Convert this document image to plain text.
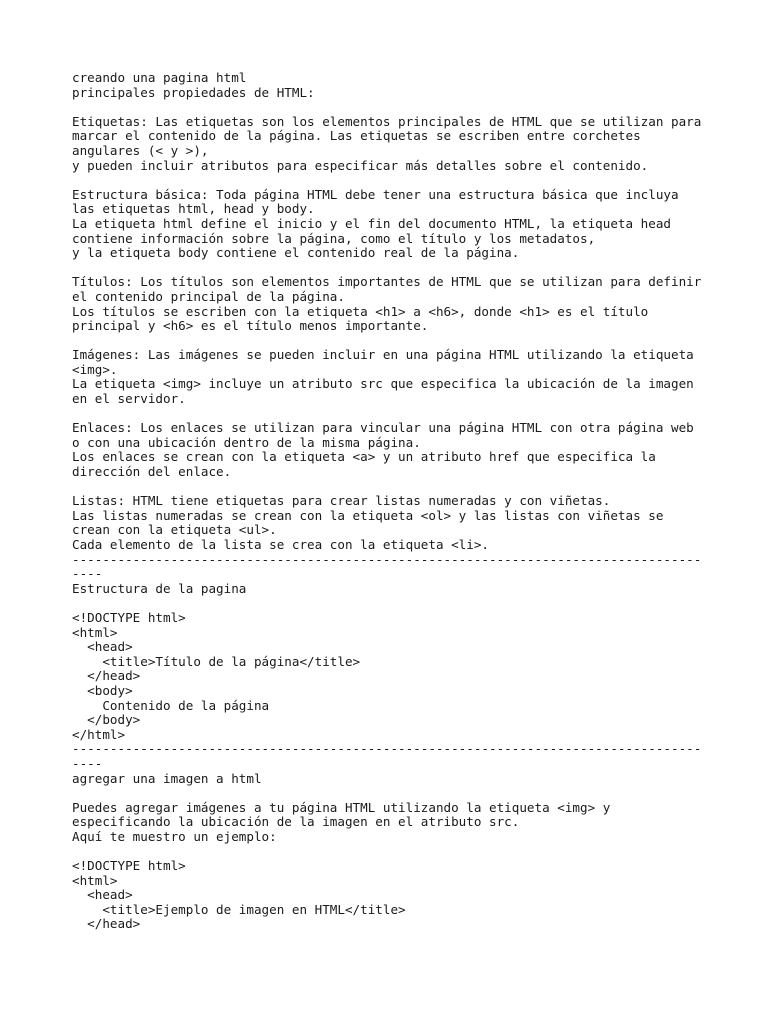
creando una pagina html
principales propiedades de HTML:
Etiquetas: Las etiquetas son los elementos principales de HTML que se utilizan para
marcar el contenido de la página. Las etiquetas se escriben entre corchetes
angulares (< y >),
y pueden incluir atributos para especificar más detalles sobre el contenido.
Estructura básica: Toda página HTML debe tener una estructura básica que incluya
las etiquetas html, head y body.
La etiqueta html define el inicio y el fin del documento HTML, la etiqueta head
contiene información sobre la página, como el título y los metadatos,
y la etiqueta body contiene el contenido real de la página.
Títulos: Los títulos son elementos importantes de HTML que se utilizan para definir
el contenido principal de la página.
Los títulos se escriben con la etiqueta <h1> a <h6>, donde <h1> es el título
principal y <h6> es el título menos importante.
Imágenes: Las imágenes se pueden incluir en una página HTML utilizando la etiqueta
<img>.
La etiqueta <img> incluye un atributo src que especifica la ubicación de la imagen
en el servidor.
Enlaces: Los enlaces se utilizan para vincular una página HTML con otra página web
o con una ubicación dentro de la misma página.
Los enlaces se crean con la etiqueta <a> y un atributo href que especifica la
dirección del enlace.
Listas: HTML tiene etiquetas para crear listas numeradas y con viñetas.
Las listas numeradas se crean con la etiqueta <ol> y las listas con viñetas se
crean con la etiqueta <ul>.
Cada elemento de la lista se crea con la etiqueta <li>.
-----------------------------------------------------------------------------------
----
Estructura de la pagina
<!DOCTYPE html>
<html>
<head>
<title>Título de la página</title>
</head>
<body>
Contenido de la página
</body>
</html>
-----------------------------------------------------------------------------------
----
agregar una imagen a html
Puedes agregar imágenes a tu página HTML utilizando la etiqueta <img> y
especificando la ubicación de la imagen en el atributo src.
Aquí te muestro un ejemplo:
<!DOCTYPE html>
<html>
<head>
<title>Ejemplo de imagen en HTML</title>
</head>
